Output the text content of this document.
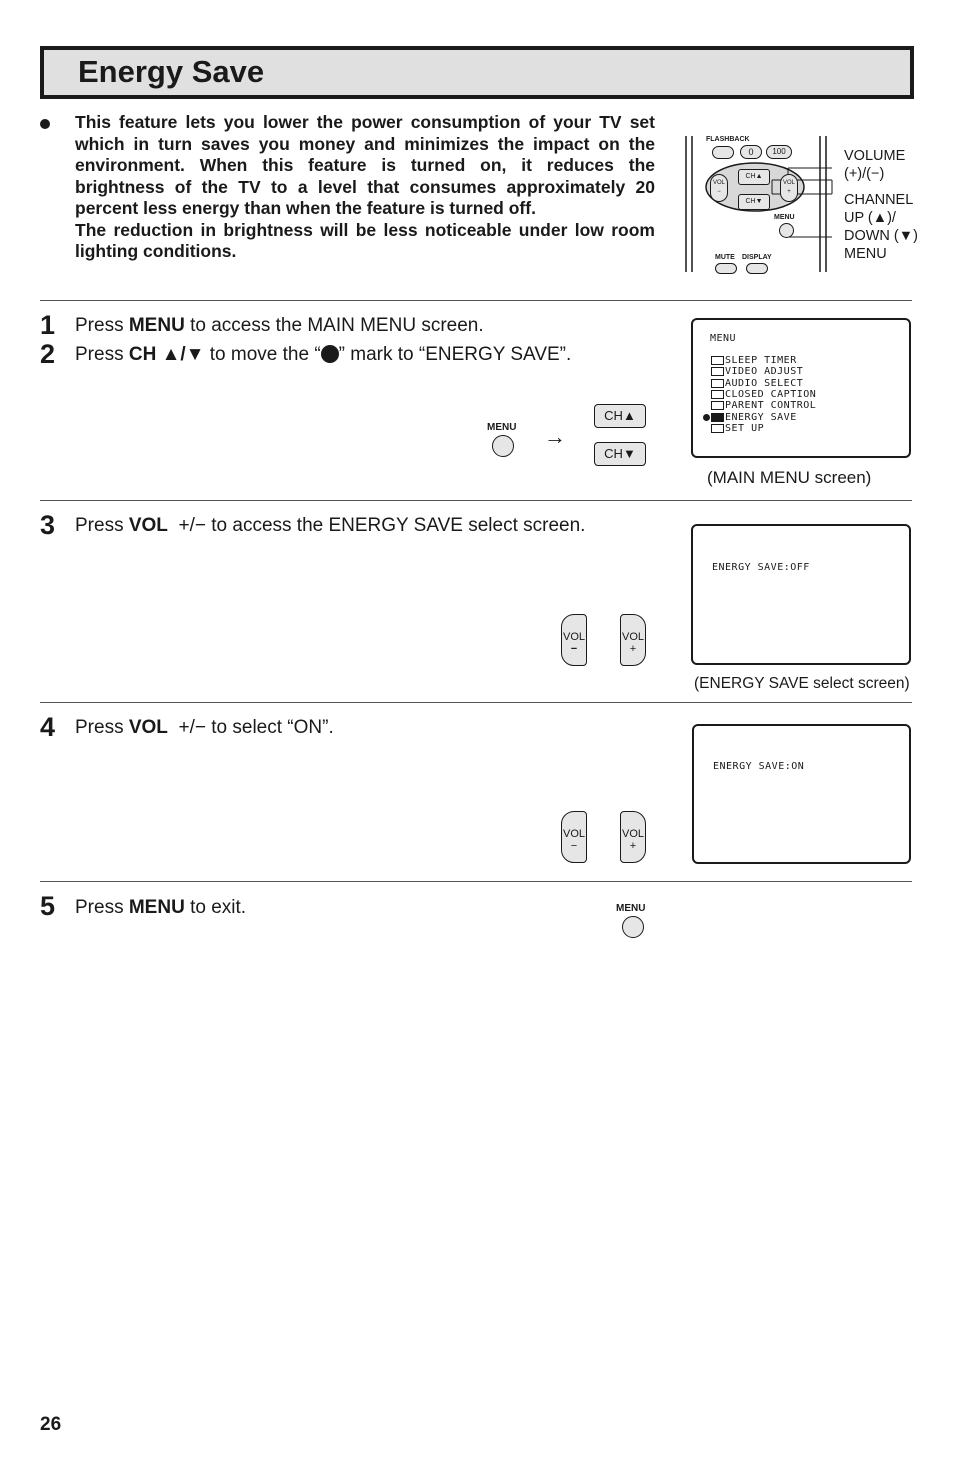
Energy Save

This feature lets you lower the power consumption of your TV set which in turn saves you money and minimizes the impact on the environment. When this feature is turned on, it reduces the brightness of the TV to a level that consumes approximately 20 percent less energy than when the feature is turned off.

The reduction in brightness will be less noticeable under low room lighting conditions.

FLASHBACK
0	100
VOL
−
CH▲
CH▼
VOL
+
MENU
MUTE DISPLAY
VOLUME
(+)/(−)
CHANNEL
UP (▲)/
DOWN (▼)
MENU
1 Press MENU to access the MAIN MENU screen.
2 Press CH ▲/▼ to move the “ ” mark to “ENERGY SAVE”.
MENU →
CH▲
CH▼
MENU
SLEEP TIMER
VIDEO ADJUST
AUDIO SELECT
CLOSED CAPTION
PARENT CONTROL
ENERGY SAVE
SET UP
(MAIN MENU screen)
3 Press VOL +/− to access the ENERGY SAVE select screen.
VOL
−
VOL
+
ENERGY SAVE:OFF
(ENERGY SAVE select screen)
4 Press VOL +/− to select “ON”.
VOL
−
VOL
+
ENERGY SAVE:ON
5 Press MENU to exit.	MENU
26
